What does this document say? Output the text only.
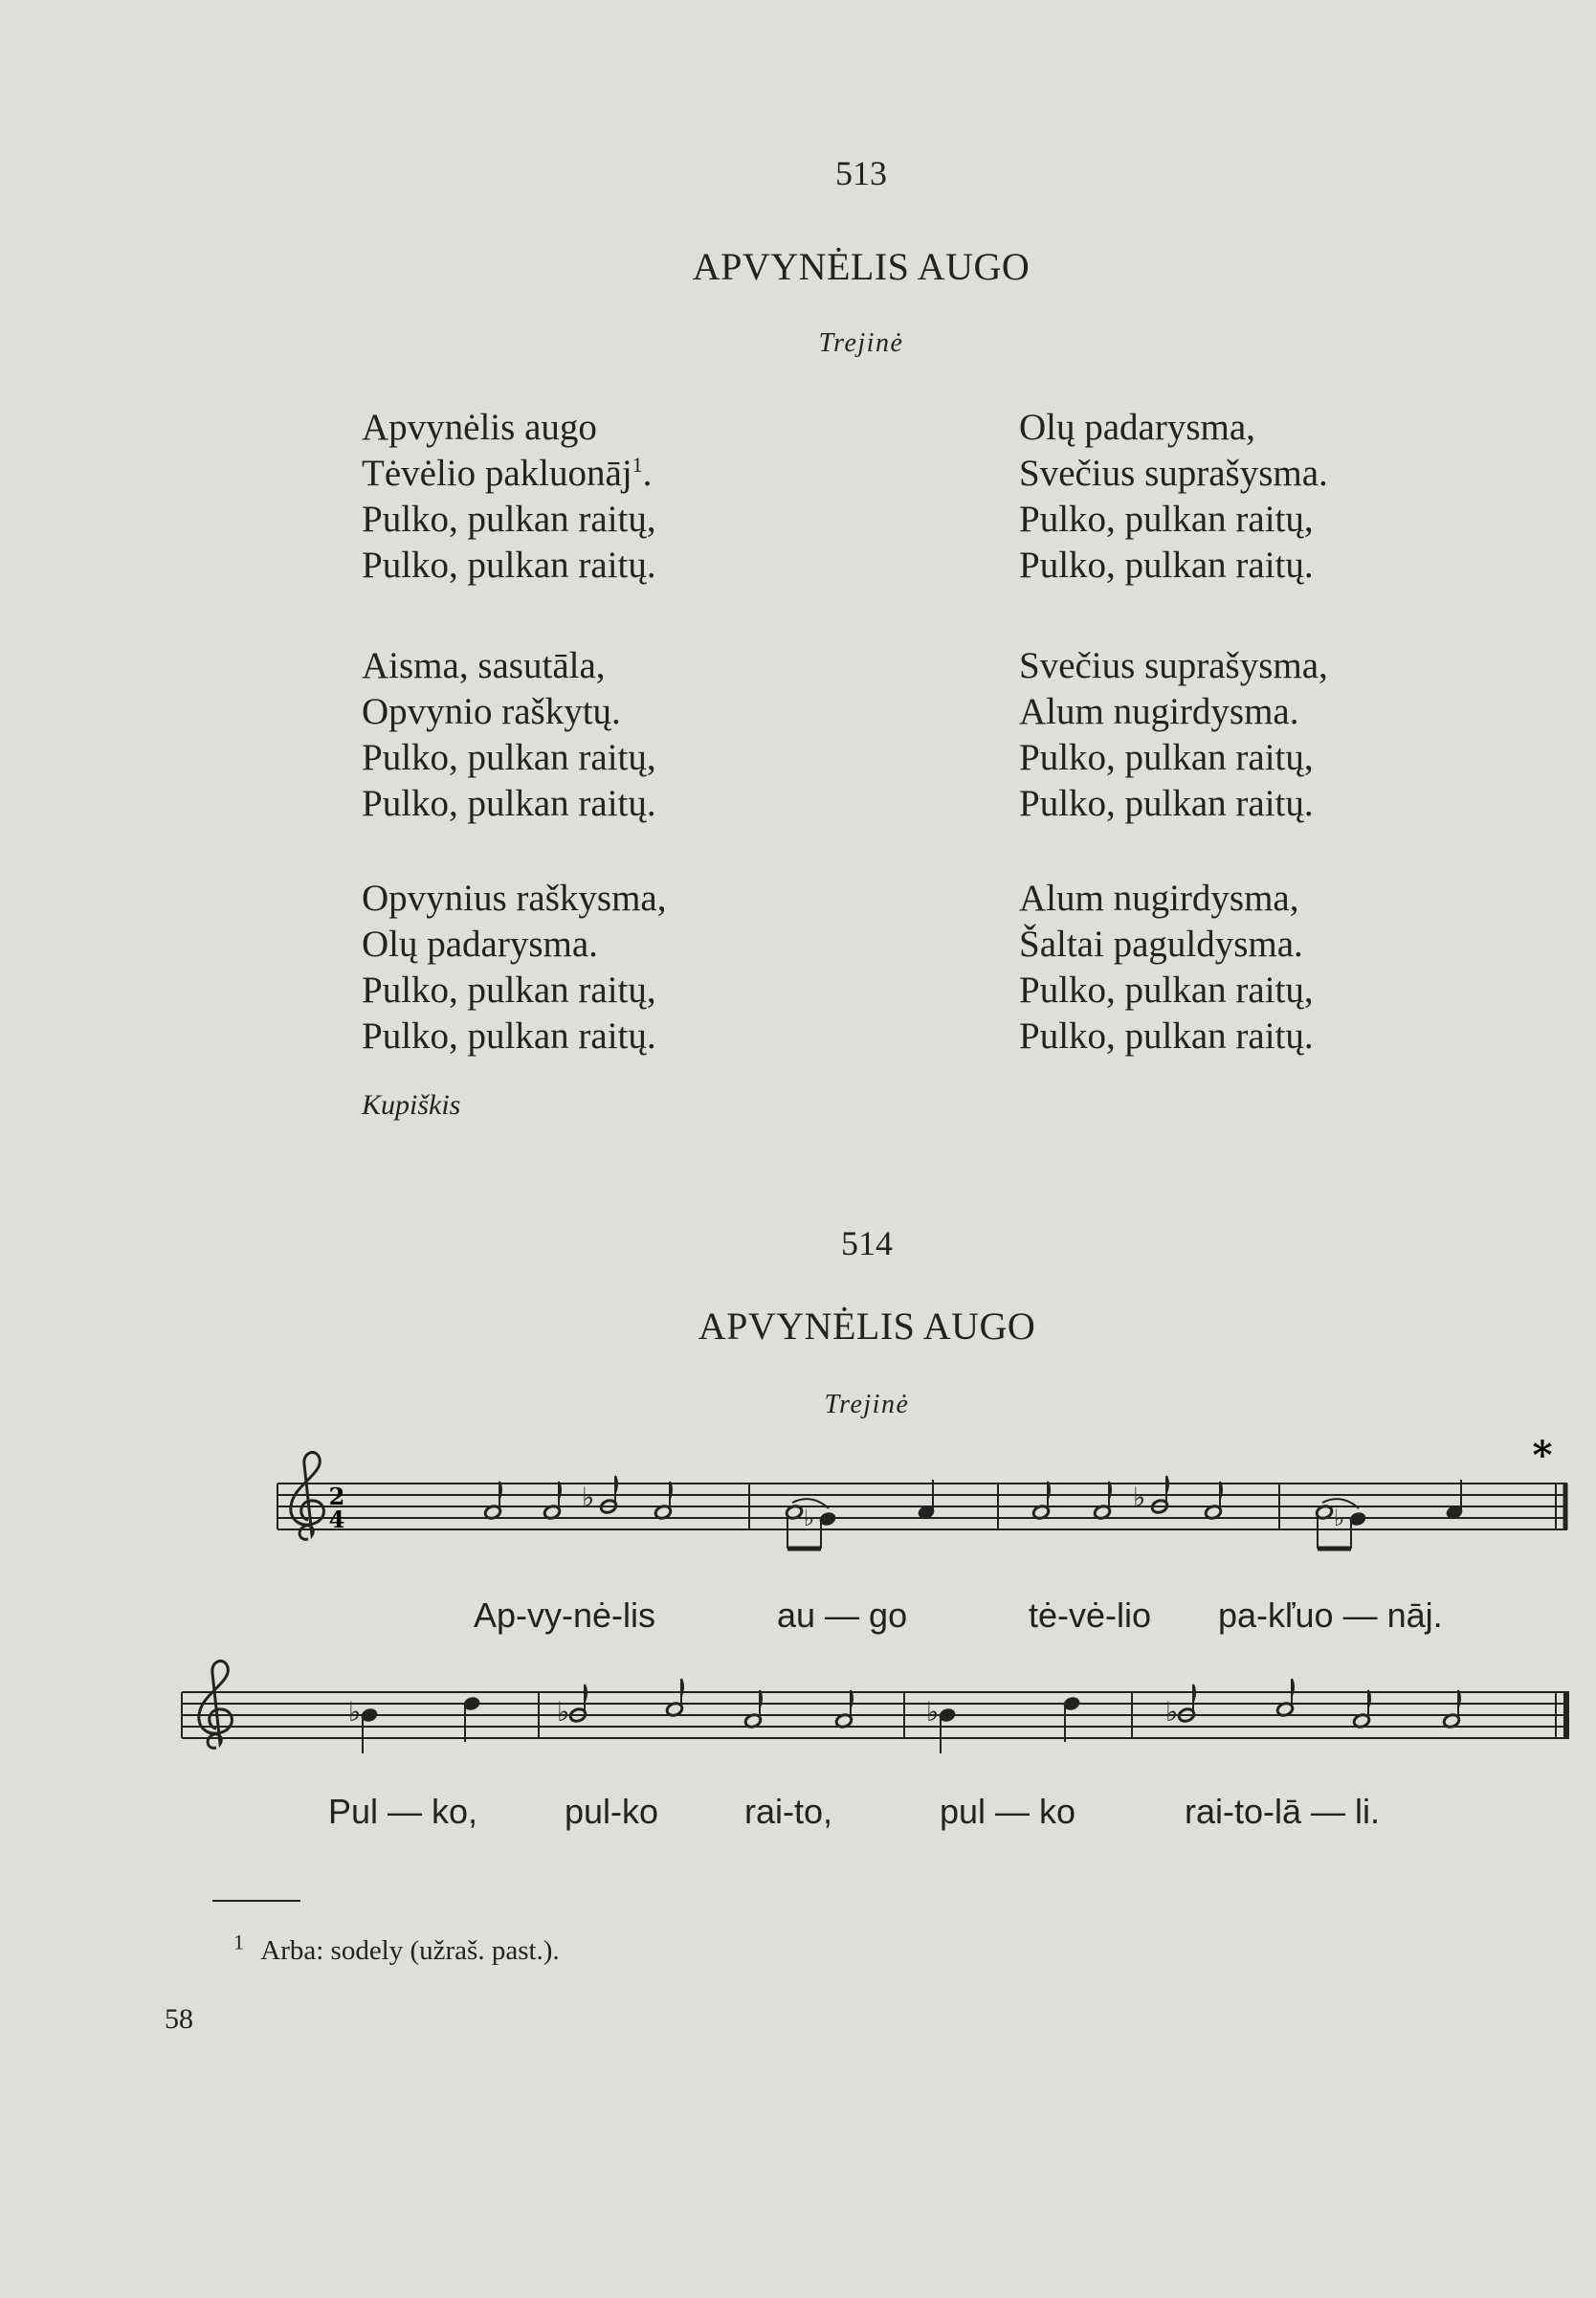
513
APVYNĖLIS AUGO
Trejinė
Apvynėlis augo
Tėvėlio pakluonāj$^1$.
Pulko, pulkan raitų,
Pulko, pulkan raitų.
Aisma, sasutāla,
Opvynio raškytų.
Pulko, pulkan raitų,
Pulko, pulkan raitų.
Opvynius raškysma,
Olų padarysma.
Pulko, pulkan raitų,
Pulko, pulkan raitų.
Kupiškis
Olų padarysma,
Svečius suprašysma.
Pulko, pulkan raitų,
Pulko, pulkan raitų.
Svečius suprašysma,
Alum nugirdysma.
Pulko, pulkan raitų,
Pulko, pulkan raitų.
Alum nugirdysma,
Šaltai paguldysma.
Pulko, pulkan raitų,
Pulko, pulkan raitų.
514
APVYNĖLIS AUGO
Trejinė
2
4
*
♭
♭
♭
♭
Ap-vy-nė-lis	au — go	tė-vė-lio pa-kľuo — nāj.
♭	♭	♭	♭
Pul — ko,	pul-ko rai-to,	pul — ko	rai-to-lā — li.
$^1$ Arba: sodely (užraš. past.).
58
